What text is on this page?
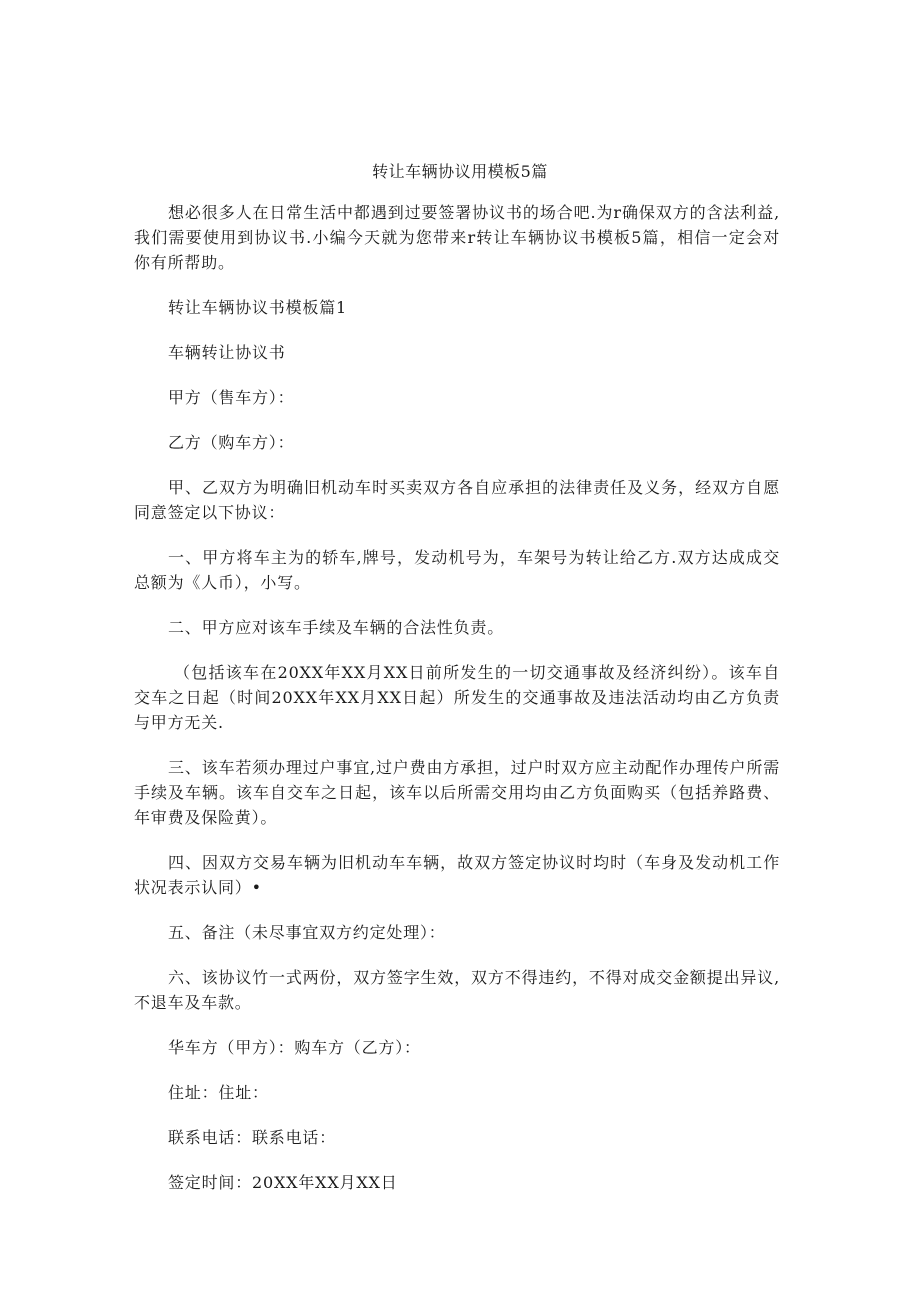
转让车辆协议用模板5篇

想必很多人在日常生活中都遇到过要签署协议书的场合吧.为r确保双方的含法利益,我们需要使用到协议书.小编今天就为您带来r转让车辆协议书模板5篇，相信一定会对你有所帮助。

转让车辆协议书模板篇1

车辆转让协议书

甲方（售车方）：

乙方（购车方）：

甲、乙双方为明确旧机动车时买卖双方各自应承担的法律责任及义务，经双方自愿同意签定以下协议：

一、甲方将车主为的轿车,牌号，发动机号为，车架号为转让给乙方.双方达成成交总额为《人币），小写。

二、甲方应对该车手续及车辆的合法性负责。

（包括该车在20XX年XX月XX日前所发生的一切交通事故及经济纠纷）。该车自交车之日起（时间20XX年XX月XX日起）所发生的交通事故及违法活动均由乙方负责与甲方无关.

三、该车若须办理过户事宜,过户费由方承担，过户时双方应主动配作办理传户所需手续及车辆。该车自交车之日起，该车以后所需交用均由乙方负面购买（包括养路费、年审费及保险黄）。

四、因双方交易车辆为旧机动车车辆，故双方签定协议时均时（车身及发动机工作状况表示认同）•

五、备注（未尽事宜双方约定处理）：

六、该协议竹一式两份，双方签字生效，双方不得违约，不得对成交金额提出异议,不退车及车款。

华车方（甲方）：购车方（乙方）：

住址：住址：

联系电话：联系电话：

签定时间：20XX年XX月XX日
